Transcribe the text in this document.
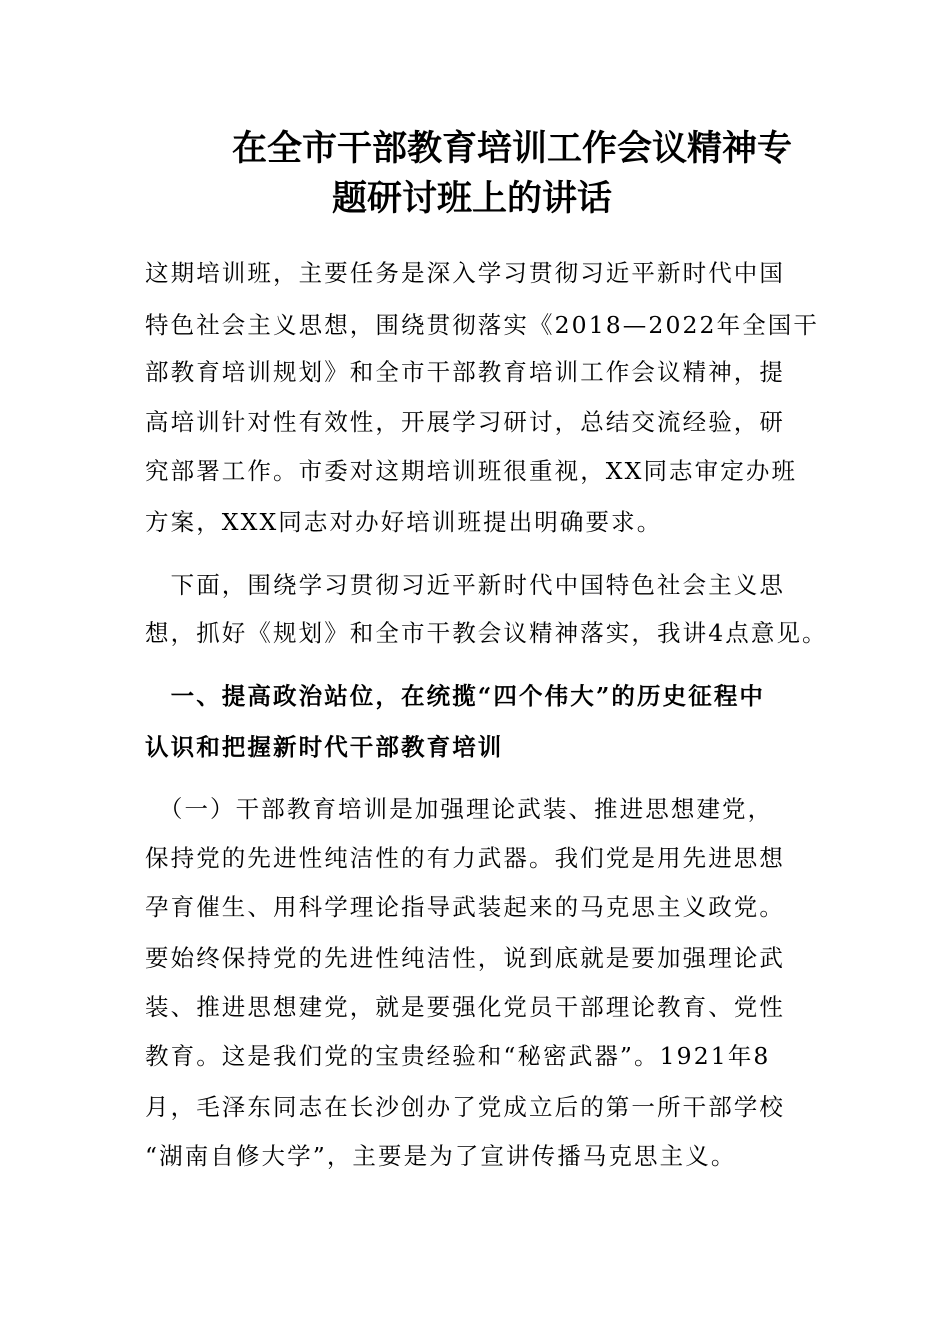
在全市干部教育培训工作会议精神专
题研讨班上的讲话
这期培训班，主要任务是深入学习贯彻习近平新时代中国
特色社会主义思想，围绕贯彻落实《2018—2022年全国干
部教育培训规划》和全市干部教育培训工作会议精神，提
高培训针对性有效性，开展学习研讨，总结交流经验，研
究部署工作。市委对这期培训班很重视，XX同志审定办班
方案，XXX同志对办好培训班提出明确要求。
　下面，围绕学习贯彻习近平新时代中国特色社会主义思
想，抓好《规划》和全市干教会议精神落实，我讲4点意见。
　一、提高政治站位，在统揽“四个伟大”的历史征程中
认识和把握新时代干部教育培训
　（一）干部教育培训是加强理论武装、推进思想建党，
保持党的先进性纯洁性的有力武器。我们党是用先进思想
孕育催生、用科学理论指导武装起来的马克思主义政党。
要始终保持党的先进性纯洁性，说到底就是要加强理论武
装、推进思想建党，就是要强化党员干部理论教育、党性
教育。这是我们党的宝贵经验和“秘密武器”。1921年8
月，毛泽东同志在长沙创办了党成立后的第一所干部学校
“湖南自修大学”，主要是为了宣讲传播马克思主义。
